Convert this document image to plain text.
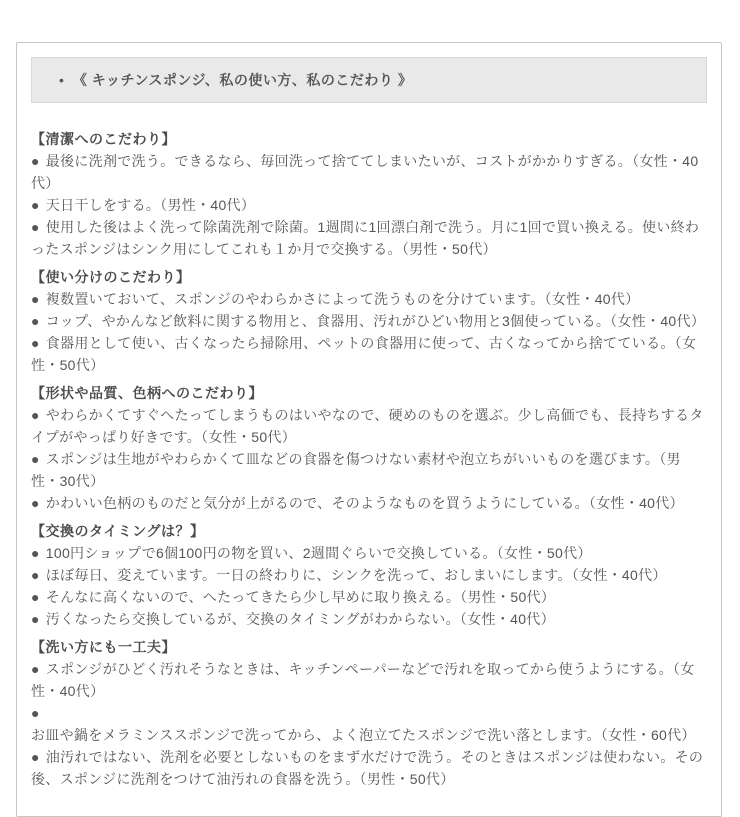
• 《 キッチンスポンジ、私の使い方、私のこだわり 》
【清潔へのこだわり】

● 最後に洗剤で洗う。できるなら、毎回洗って捨ててしまいたいが、コストがかかりすぎる。（女性・40代）

● 天日干しをする。（男性・40代）

● 使用した後はよく洗って除菌洗剤で除菌。1週間に1回漂白剤で洗う。月に1回で買い換える。使い終わったスポンジはシンク用にしてこれも１か月で交換する。（男性・50代）

【使い分けのこだわり】

● 複数置いておいて、スポンジのやわらかさによって洗うものを分けています。（女性・40代）

● コップ、やかんなど飲料に関する物用と、食器用、汚れがひどい物用と3個使っている。（女性・40代）

● 食器用として使い、古くなったら掃除用、ペットの食器用に使って、古くなってから捨てている。（女性・50代）

【形状や品質、色柄へのこだわり】

● やわらかくてすぐへたってしまうものはいやなので、硬めのものを選ぶ。少し高価でも、長持ちするタイプがやっぱり好きです。（女性・50代）

● スポンジは生地がやわらかくて皿などの食器を傷つけない素材や泡立ちがいいものを選びます。（男性・30代）

● かわいい色柄のものだと気分が上がるので、そのようなものを買うようにしている。（女性・40代）

【交換のタイミングは？】

● 100円ショップで6個100円の物を買い、2週間ぐらいで交換している。（女性・50代）

● ほぼ毎日、変えています。一日の終わりに、シンクを洗って、おしまいにします。（女性・40代）

● そんなに高くないので、へたってきたら少し早めに取り換える。（男性・50代）

● 汚くなったら交換しているが、交換のタイミングがわからない。（女性・40代）

【洗い方にも一工夫】

● スポンジがひどく汚れそうなときは、キッチンペーパーなどで汚れを取ってから使うようにする。（女性・40代）

●お皿や鍋をメラミンススポンジで洗ってから、よく泡立てたスポンジで洗い落とします。（女性・60代）

● 油汚れではない、洗剤を必要としないものをまず水だけで洗う。そのときはスポンジは使わない。その後、スポンジに洗剤をつけて油汚れの食器を洗う。（男性・50代）
